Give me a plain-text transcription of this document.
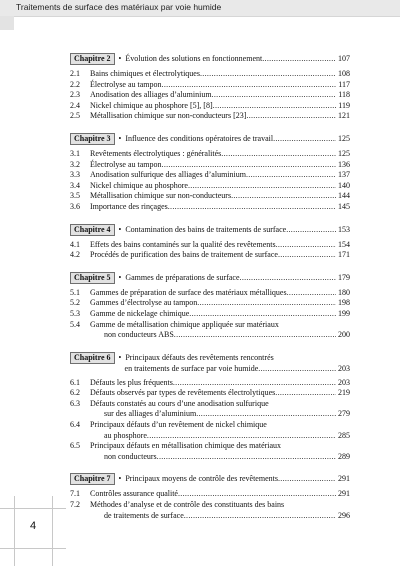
Traitements de surface des matériaux par voie humide
Chapitre 2	• Évolution des solutions en fonctionnement .....	107
2.1	Bains chimiques et électrolytiques .....	108
2.2	Électrolyse au tampon .....	117
2.3	Anodisation des alliages d’aluminium .....	118
2.4	Nickel chimique au phosphore [5], [8] .....	119
2.5	Métallisation chimique sur non-conducteurs [23] .....	121
Chapitre 3	• Influence des conditions opératoires de travail .....	125
3.1	Revêtements électrolytiques : généralités .....	125
3.2	Électrolyse au tampon .....	136
3.3	Anodisation sulfurique des alliages d’aluminium .....	137
3.4	Nickel chimique au phosphore .....	140
3.5	Métallisation chimique sur non-conducteurs .....	144
3.6	Importance des rinçages .....	145
Chapitre 4	• Contamination des bains de traitements de surface .....	153
4.1	Effets des bains contaminés sur la qualité des revêtements .....	154
4.2	Procédés de purification des bains de traitement de surface .....	171
Chapitre 5	• Gammes de préparations de surface .....	179
5.1	Gammes de préparation de surface des matériaux métalliques .....	180
5.2	Gammes d’électrolyse au tampon .....	198
5.3	Gamme de nickelage chimique .....	199
5.4	Gamme de métallisation chimique appliquée sur matériaux
non conducteurs ABS .....	200
Chapitre 6	• Principaux défauts des revêtements rencontrés

en traitements de surface par voie humide .....	203
6.1	Défauts les plus fréquents .....	203
6.2	Défauts observés par types de revêtements électrolytiques .....	219
6.3	Défauts constatés au cours d’une anodisation sulfurique
sur des alliages d’aluminium .....	279
6.4	Principaux défauts d’un revêtement de nickel chimique
au phosphore .....	285
6.5	Principaux défauts en métallisation chimique des matériaux
non conducteurs .....	289
Chapitre 7	• Principaux moyens de contrôle des revêtements .....	291
7.1	Contrôles assurance qualité .....	291
7.2	Méthodes d’analyse et de contrôle des constituants des bains
de traitements de surface .....	296
4
